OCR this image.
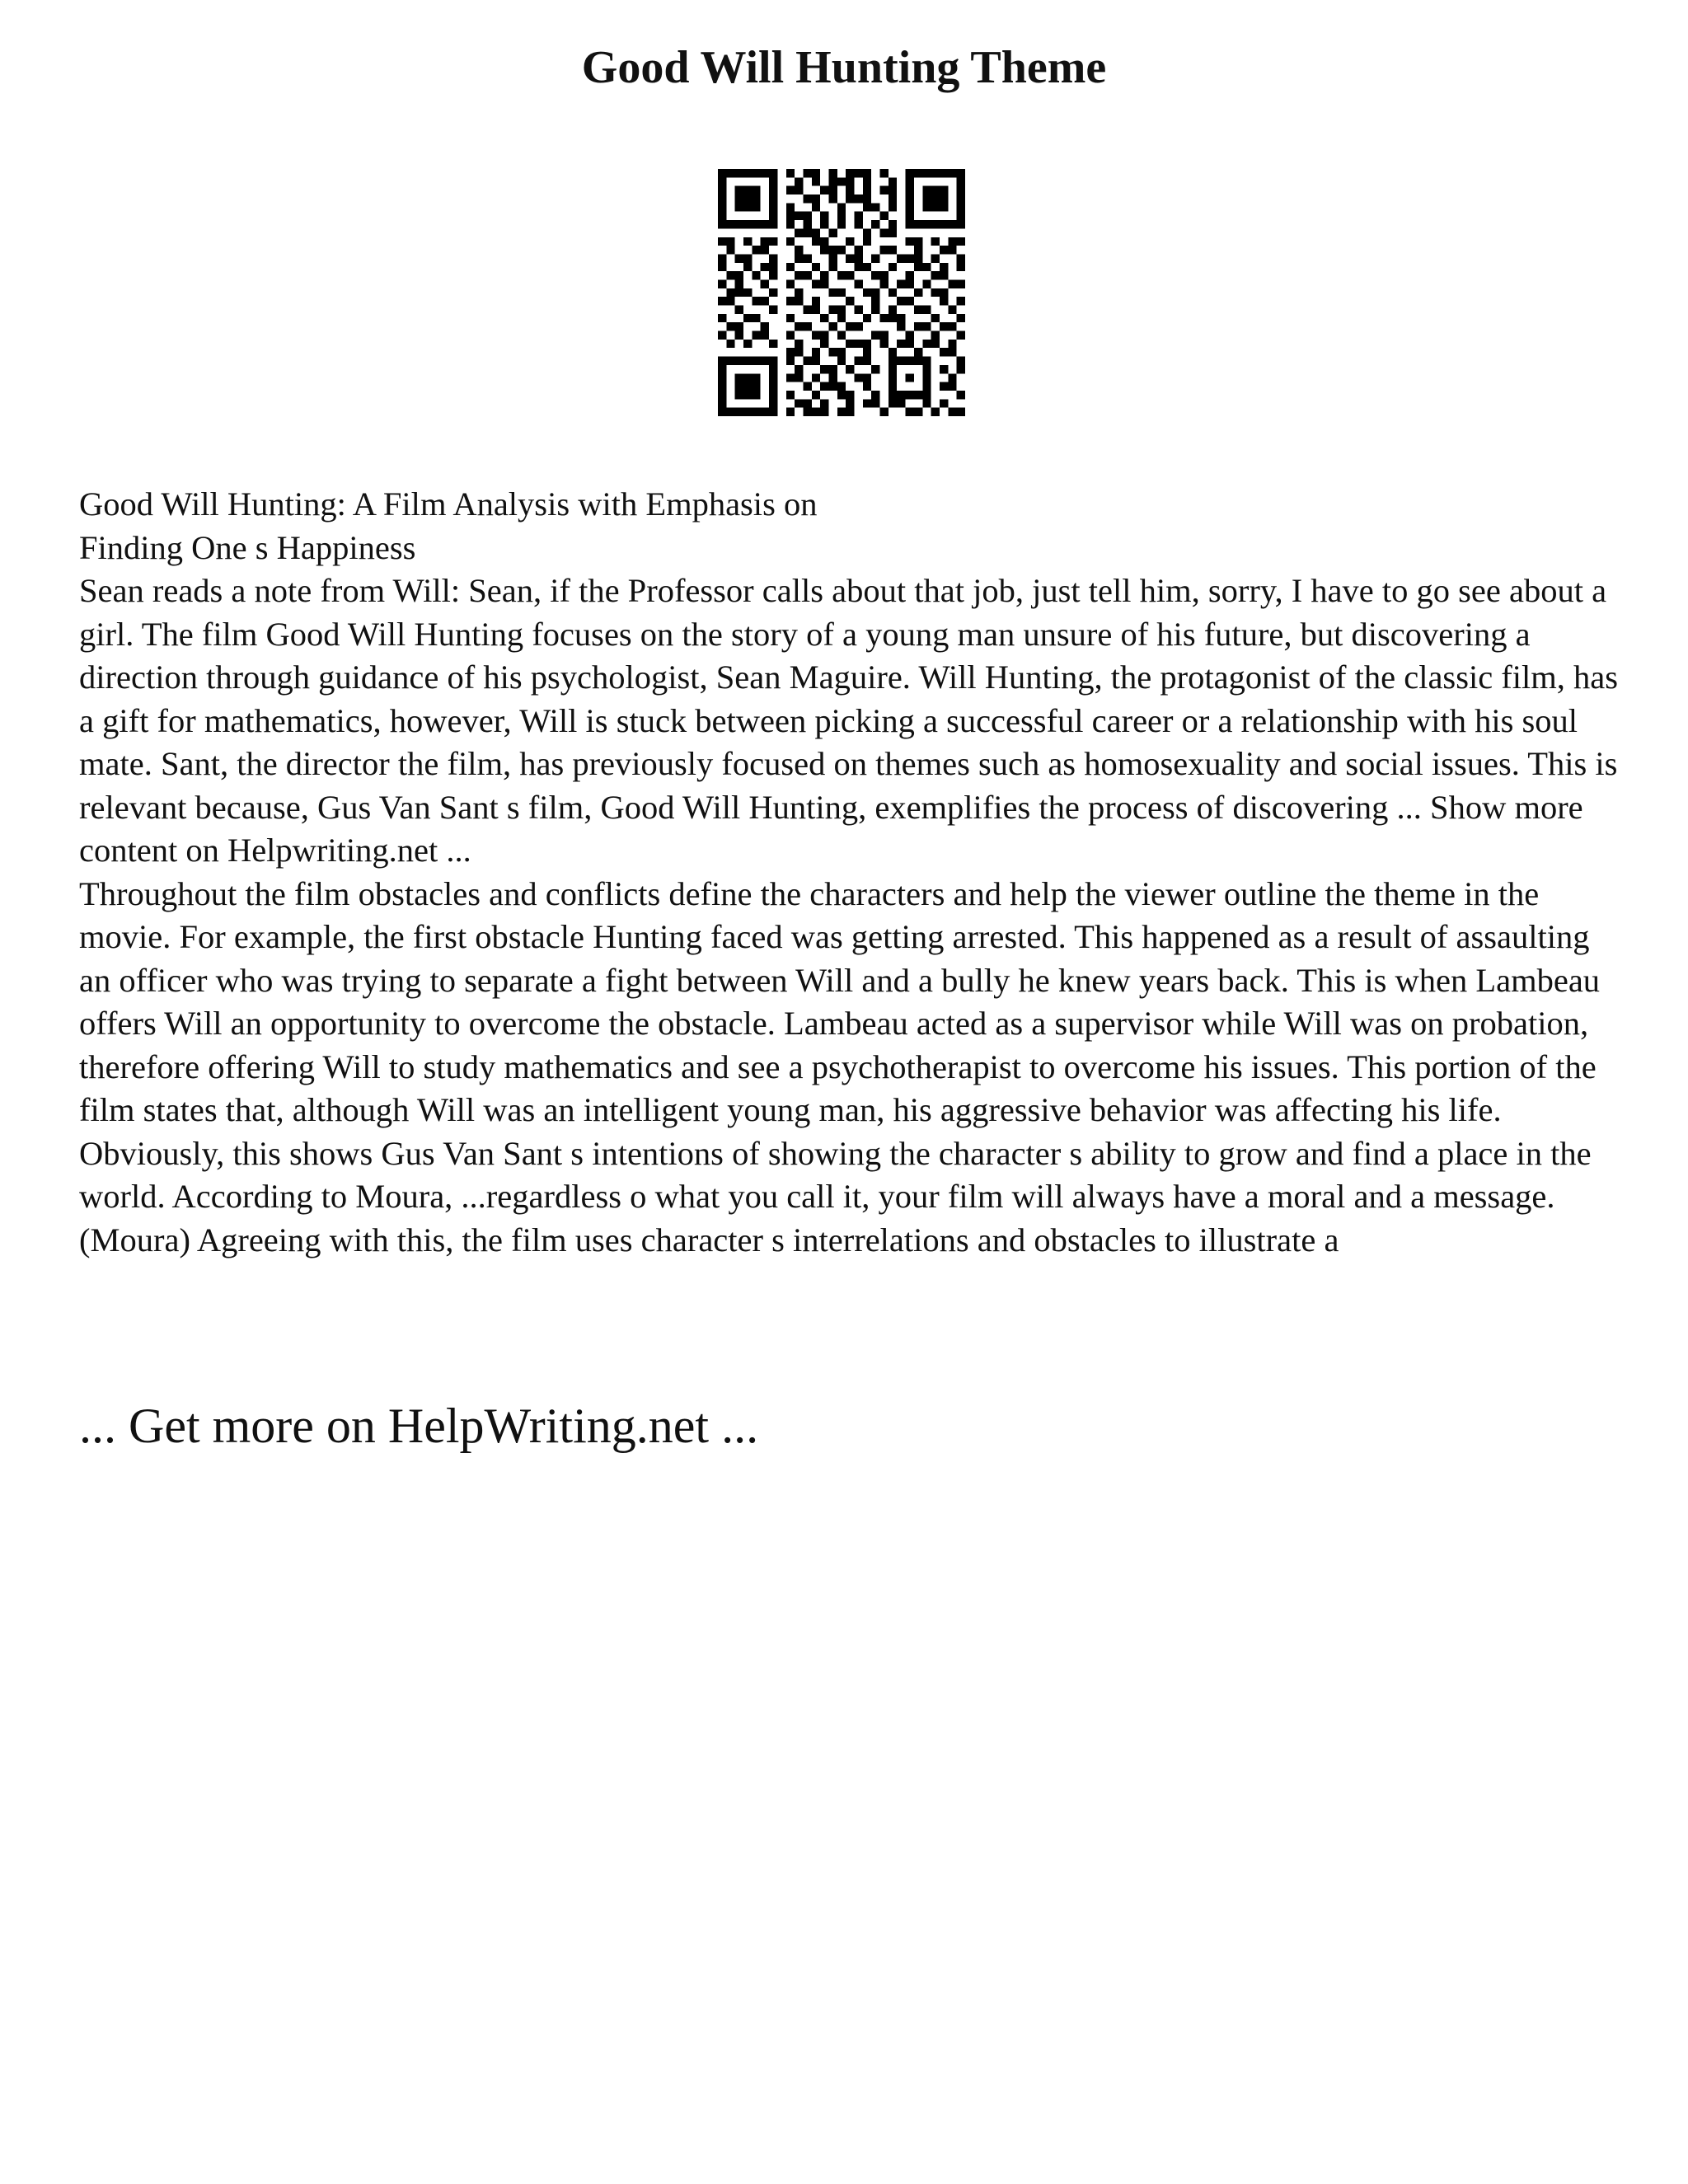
Good Will Hunting Theme
Good Will Hunting: A Film Analysis with Emphasis on
Finding One s Happiness

Sean reads a note from Will: Sean, if the Professor calls about that job, just tell him, sorry, I have to go see about a girl. The film Good Will Hunting focuses on the story of a young man unsure of his future, but discovering a direction through guidance of his psychologist, Sean Maguire. Will Hunting, the protagonist of the classic film, has a gift for mathematics, however, Will is stuck between picking a successful career or a relationship with his soul mate. Sant, the director the film, has previously focused on themes such as homosexuality and social issues. This is relevant because, Gus Van Sant s film, Good Will Hunting, exemplifies the process of discovering ... Show more content on Helpwriting.net ...

Throughout the film obstacles and conflicts define the characters and help the viewer outline the theme in the movie. For example, the first obstacle Hunting faced was getting arrested. This happened as a result of assaulting an officer who was trying to separate a fight between Will and a bully he knew years back. This is when Lambeau offers Will an opportunity to overcome the obstacle. Lambeau acted as a supervisor while Will was on probation, therefore offering Will to study mathematics and see a psychotherapist to overcome his issues. This portion of the film states that, although Will was an intelligent young man, his aggressive behavior was affecting his life. Obviously, this shows Gus Van Sant s intentions of showing the character s ability to grow and find a place in the world. According to Moura, ...regardless o what you call it, your film will always have a moral and a message. (Moura) Agreeing with this, the film uses character s interrelations and obstacles to illustrate a

... Get more on HelpWriting.net ...
